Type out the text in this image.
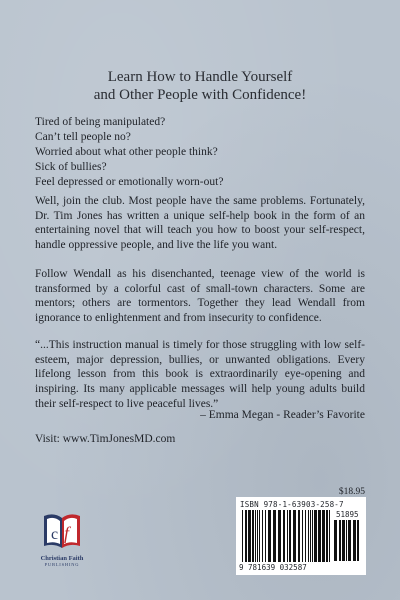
Learn How to Handle Yourself
and Other People with Confidence!
Tired of being manipulated?
Can’t tell people no?
Worried about what other people think?
Sick of bullies?
Feel depressed or emotionally worn-out?
Well, join the club. Most people have the same problems. Fortunately, Dr. Tim Jones has written a unique self-help book in the form of an entertaining novel that will teach you how to boost your self-respect, handle oppressive people, and live the life you want.
Follow Wendall as his disenchanted, teenage view of the world is transformed by a colorful cast of small-town characters. Some are mentors; others are tormentors. Together they lead Wendall from ignorance to enlightenment and from insecurity to confidence.
“...This instruction manual is timely for those struggling with low self-esteem, major depression, bullies, or unwanted obligations. Every lifelong lesson from this book is extraordinarily eye-opening and inspiring. Its many applicable messages will help young adults build their self-respect to live peaceful lives.”
– Emma Megan - Reader’s Favorite
Visit: www.TimJonesMD.com
$18.95
ISBN 978-1-63903-258-7
51895
9 781639 032587
c f
Christian Faith
PUBLISHING
